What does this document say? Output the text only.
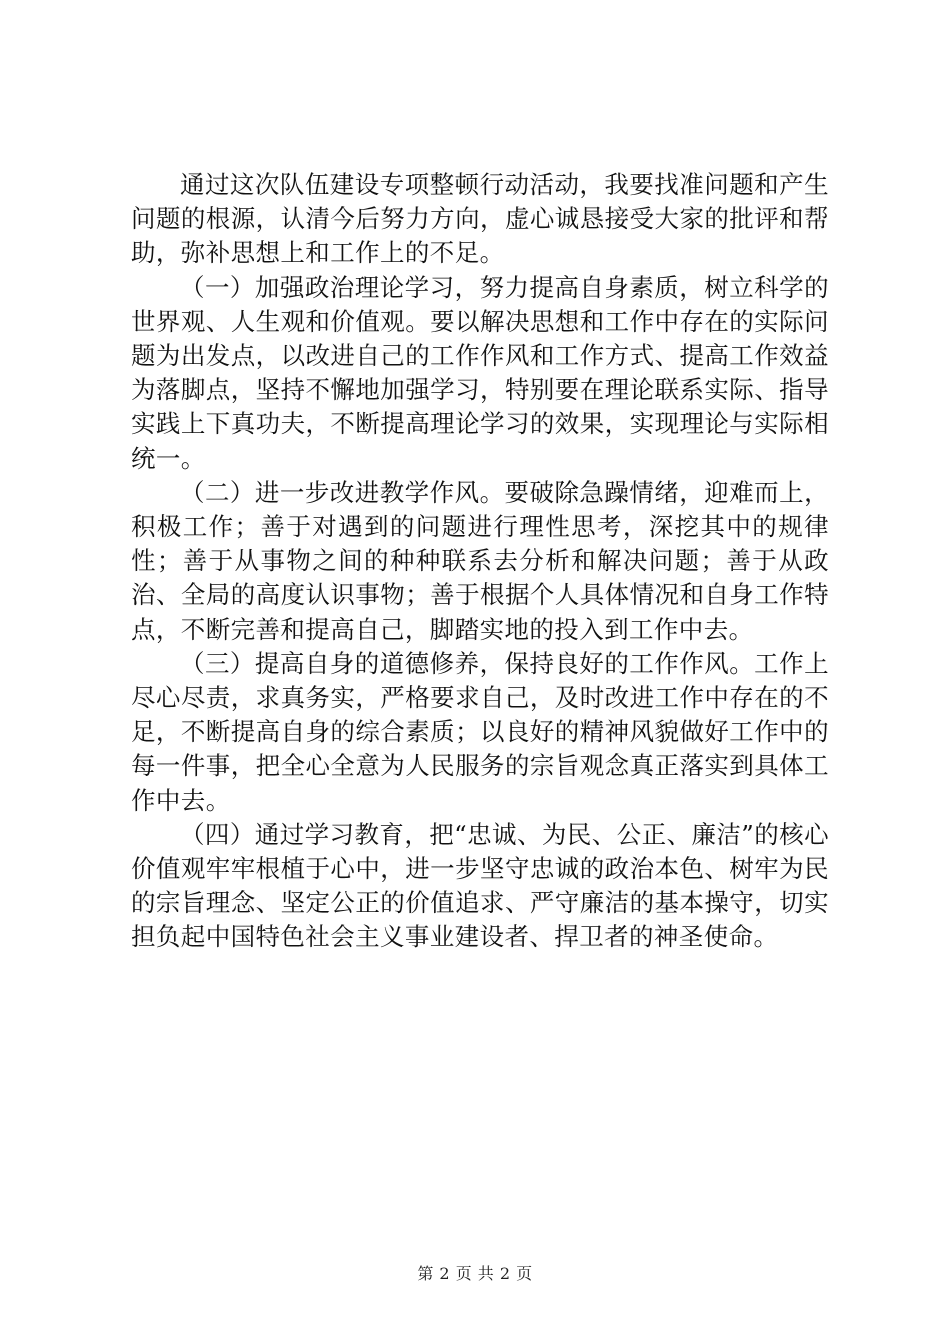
通过这次队伍建设专项整顿行动活动，我要找准问题和产生问题的根源，认清今后努力方向，虚心诚恳接受大家的批评和帮助，弥补思想上和工作上的不足。

（一）加强政治理论学习，努力提高自身素质，树立科学的世界观、人生观和价值观。要以解决思想和工作中存在的实际问题为出发点，以改进自己的工作作风和工作方式、提高工作效益为落脚点，坚持不懈地加强学习，特别要在理论联系实际、指导实践上下真功夫，不断提高理论学习的效果，实现理论与实际相统一。

（二）进一步改进教学作风。要破除急躁情绪，迎难而上，积极工作；善于对遇到的问题进行理性思考，深挖其中的规律性；善于从事物之间的种种联系去分析和解决问题；善于从政治、全局的高度认识事物；善于根据个人具体情况和自身工作特点，不断完善和提高自己，脚踏实地的投入到工作中去。

（三）提高自身的道德修养，保持良好的工作作风。工作上尽心尽责，求真务实，严格要求自己，及时改进工作中存在的不足，不断提高自身的综合素质；以良好的精神风貌做好工作中的每一件事，把全心全意为人民服务的宗旨观念真正落实到具体工作中去。

（四）通过学习教育，把“忠诚、为民、公正、廉洁”的核心价值观牢牢根植于心中，进一步坚守忠诚的政治本色、树牢为民的宗旨理念、坚定公正的价值追求、严守廉洁的基本操守，切实担负起中国特色社会主义事业建设者、捍卫者的神圣使命。

第 2 页 共 2 页
